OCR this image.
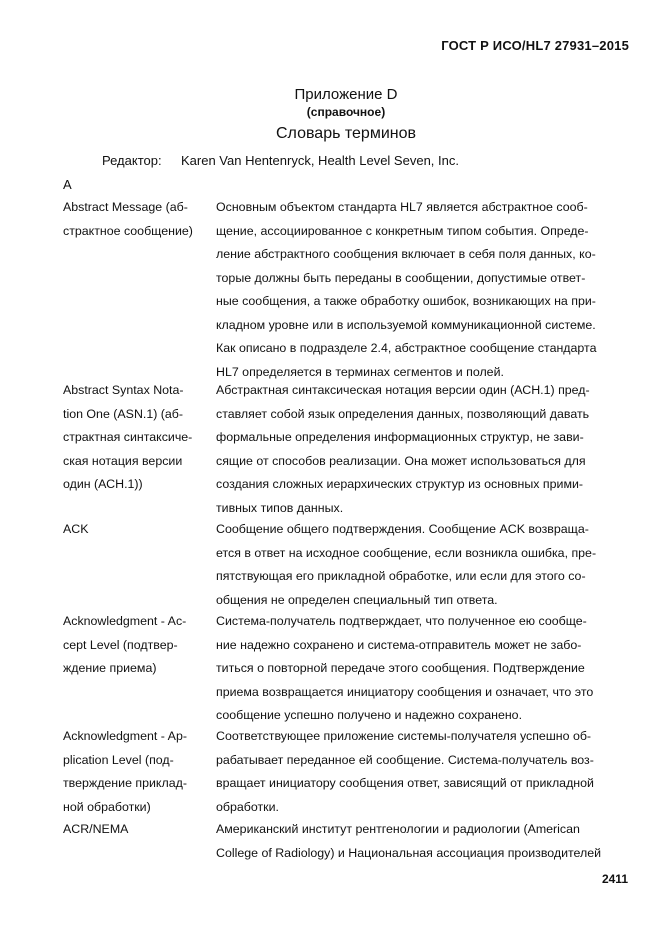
ГОСТ Р ИСО/HL7 27931–2015
Приложение D
(справочное)
Словарь терминов
Редактор: Karen Van Hentenryck, Health Level Seven, Inc.
A
Abstract Message (аб-
страктное сообщение)
Основным объектом стандарта HL7 является абстрактное сооб-
щение, ассоциированное с конкретным типом события. Опреде-
ление абстрактного сообщения включает в себя поля данных, ко-
торые должны быть переданы в сообщении, допустимые ответ-
ные сообщения, а также обработку ошибок, возникающих на при-
кладном уровне или в используемой коммуникационной системе.
Как описано в подразделе 2.4, абстрактное сообщение стандарта
HL7 определяется в терминах сегментов и полей.
Abstract Syntax Nota-
tion One (ASN.1) (аб-
страктная синтаксиче-
ская нотация версии
один (АСН.1))
Абстрактная синтаксическая нотация версии один (АСН.1) пред-
ставляет собой язык определения данных, позволяющий давать
формальные определения информационных структур, не зави-
сящие от способов реализации. Она может использоваться для
создания сложных иерархических структур из основных прими-
тивных типов данных.
ACK	Сообщение общего подтверждения. Сообщение ACK возвраща-
ется в ответ на исходное сообщение, если возникла ошибка, пре-
пятствующая его прикладной обработке, или если для этого со-
общения не определен специальный тип ответа.
Acknowledgment - Ac-
cept Level (подтвер-
ждение приема)
Система-получатель подтверждает, что полученное ею сообще-
ние надежно сохранено и система-отправитель может не забо-
титься о повторной передаче этого сообщения. Подтверждение
приема возвращается инициатору сообщения и означает, что это
сообщение успешно получено и надежно сохранено.
Acknowledgment - Ap-
plication Level (под-
тверждение приклад-
ной обработки)
Соответствующее приложение системы-получателя успешно об-
рабатывает переданное ей сообщение. Система-получатель воз-
вращает инициатору сообщения ответ, зависящий от прикладной
обработки.
ACR/NEMA	Американский институт рентгенологии и радиологии (American
College of Radiology) и Национальная ассоциация производителей
2411
